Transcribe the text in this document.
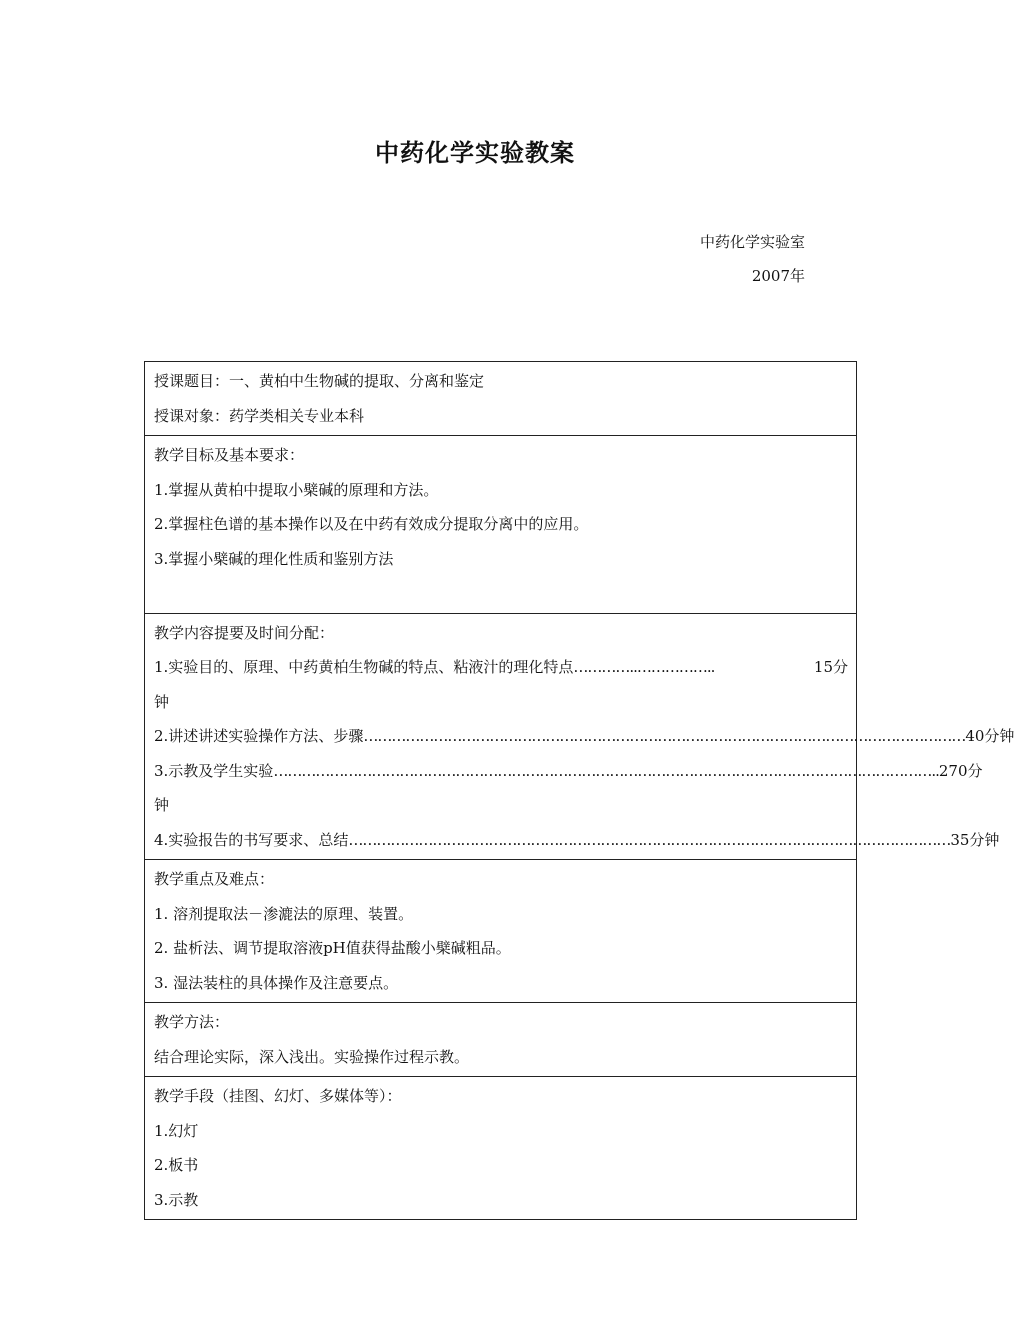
中药化学实验教案
中药化学实验室
2007年
授课题目：一、黄柏中生物碱的提取、分离和鉴定
授课对象：药学类相关专业本科
教学目标及基本要求：
1.掌握从黄柏中提取小檗碱的原理和方法。
2.掌握柱色谱的基本操作以及在中药有效成分提取分离中的应用。
3.掌握小檗碱的理化性质和鉴别方法
教学内容提要及时间分配：
1.实验目的、原理、中药黄柏生物碱的特点、粘液汁的理化特点 …………..……………..	15分
钟
2.讲述讲述实验操作方法、步骤 ………………………………………………………………………………………………………………… 40分钟
3.示教及学生实验 …………………………………………………………………………………………………………………………….. 270分
钟
4.实验报告的书写要求、总结 ………………………………………………………………………………………………………………… 35分钟
教学重点及难点：
1. 溶剂提取法－渗漉法的原理、装置。
2. 盐析法、调节提取溶液pH值获得盐酸小檗碱粗品。
3. 湿法装柱的具体操作及注意要点。
教学方法：
结合理论实际，深入浅出。实验操作过程示教。
教学手段（挂图、幻灯、多媒体等）：
1.幻灯
2.板书
3.示教
